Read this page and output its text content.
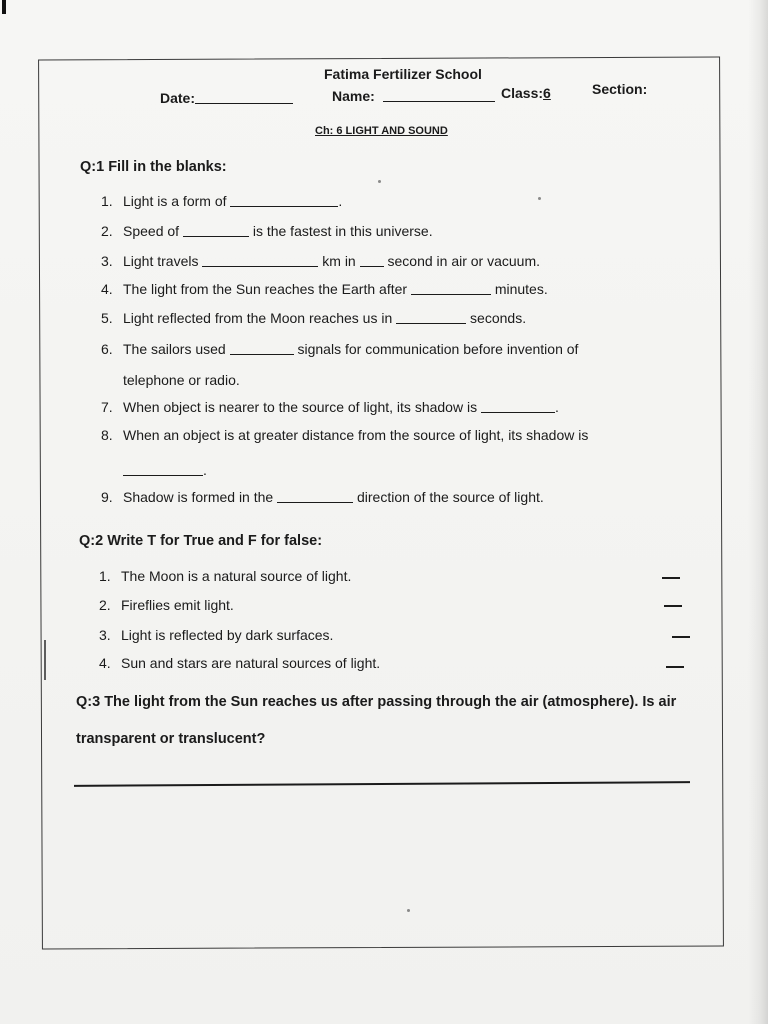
Fatima Fertilizer School
Date:	Name:	Class:6	Section:
Ch: 6 LIGHT AND SOUND
Q:1 Fill in the blanks:
1. Light is a form of	.
2. Speed of	is the fastest in this universe.
3. Light travels	km in  second in air or vacuum.
4. The light from the Sun reaches the Earth after	minutes.
5. Light reflected from the Moon reaches us in	seconds.
6. The sailors used	signals for communication before invention of
telephone or radio.
7. When object is nearer to the source of light, its shadow is	.
8. When an object is at greater distance from the source of light, its shadow is
.
9. Shadow is formed in the	direction of the source of light.
Q:2 Write T for True and F for false:
1. The Moon is a natural source of light.
2. Fireflies emit light.
3. Light is reflected by dark surfaces.
4. Sun and stars are natural sources of light.
Q:3 The light from the Sun reaches us after passing through the air (atmosphere). Is air
transparent or translucent?
